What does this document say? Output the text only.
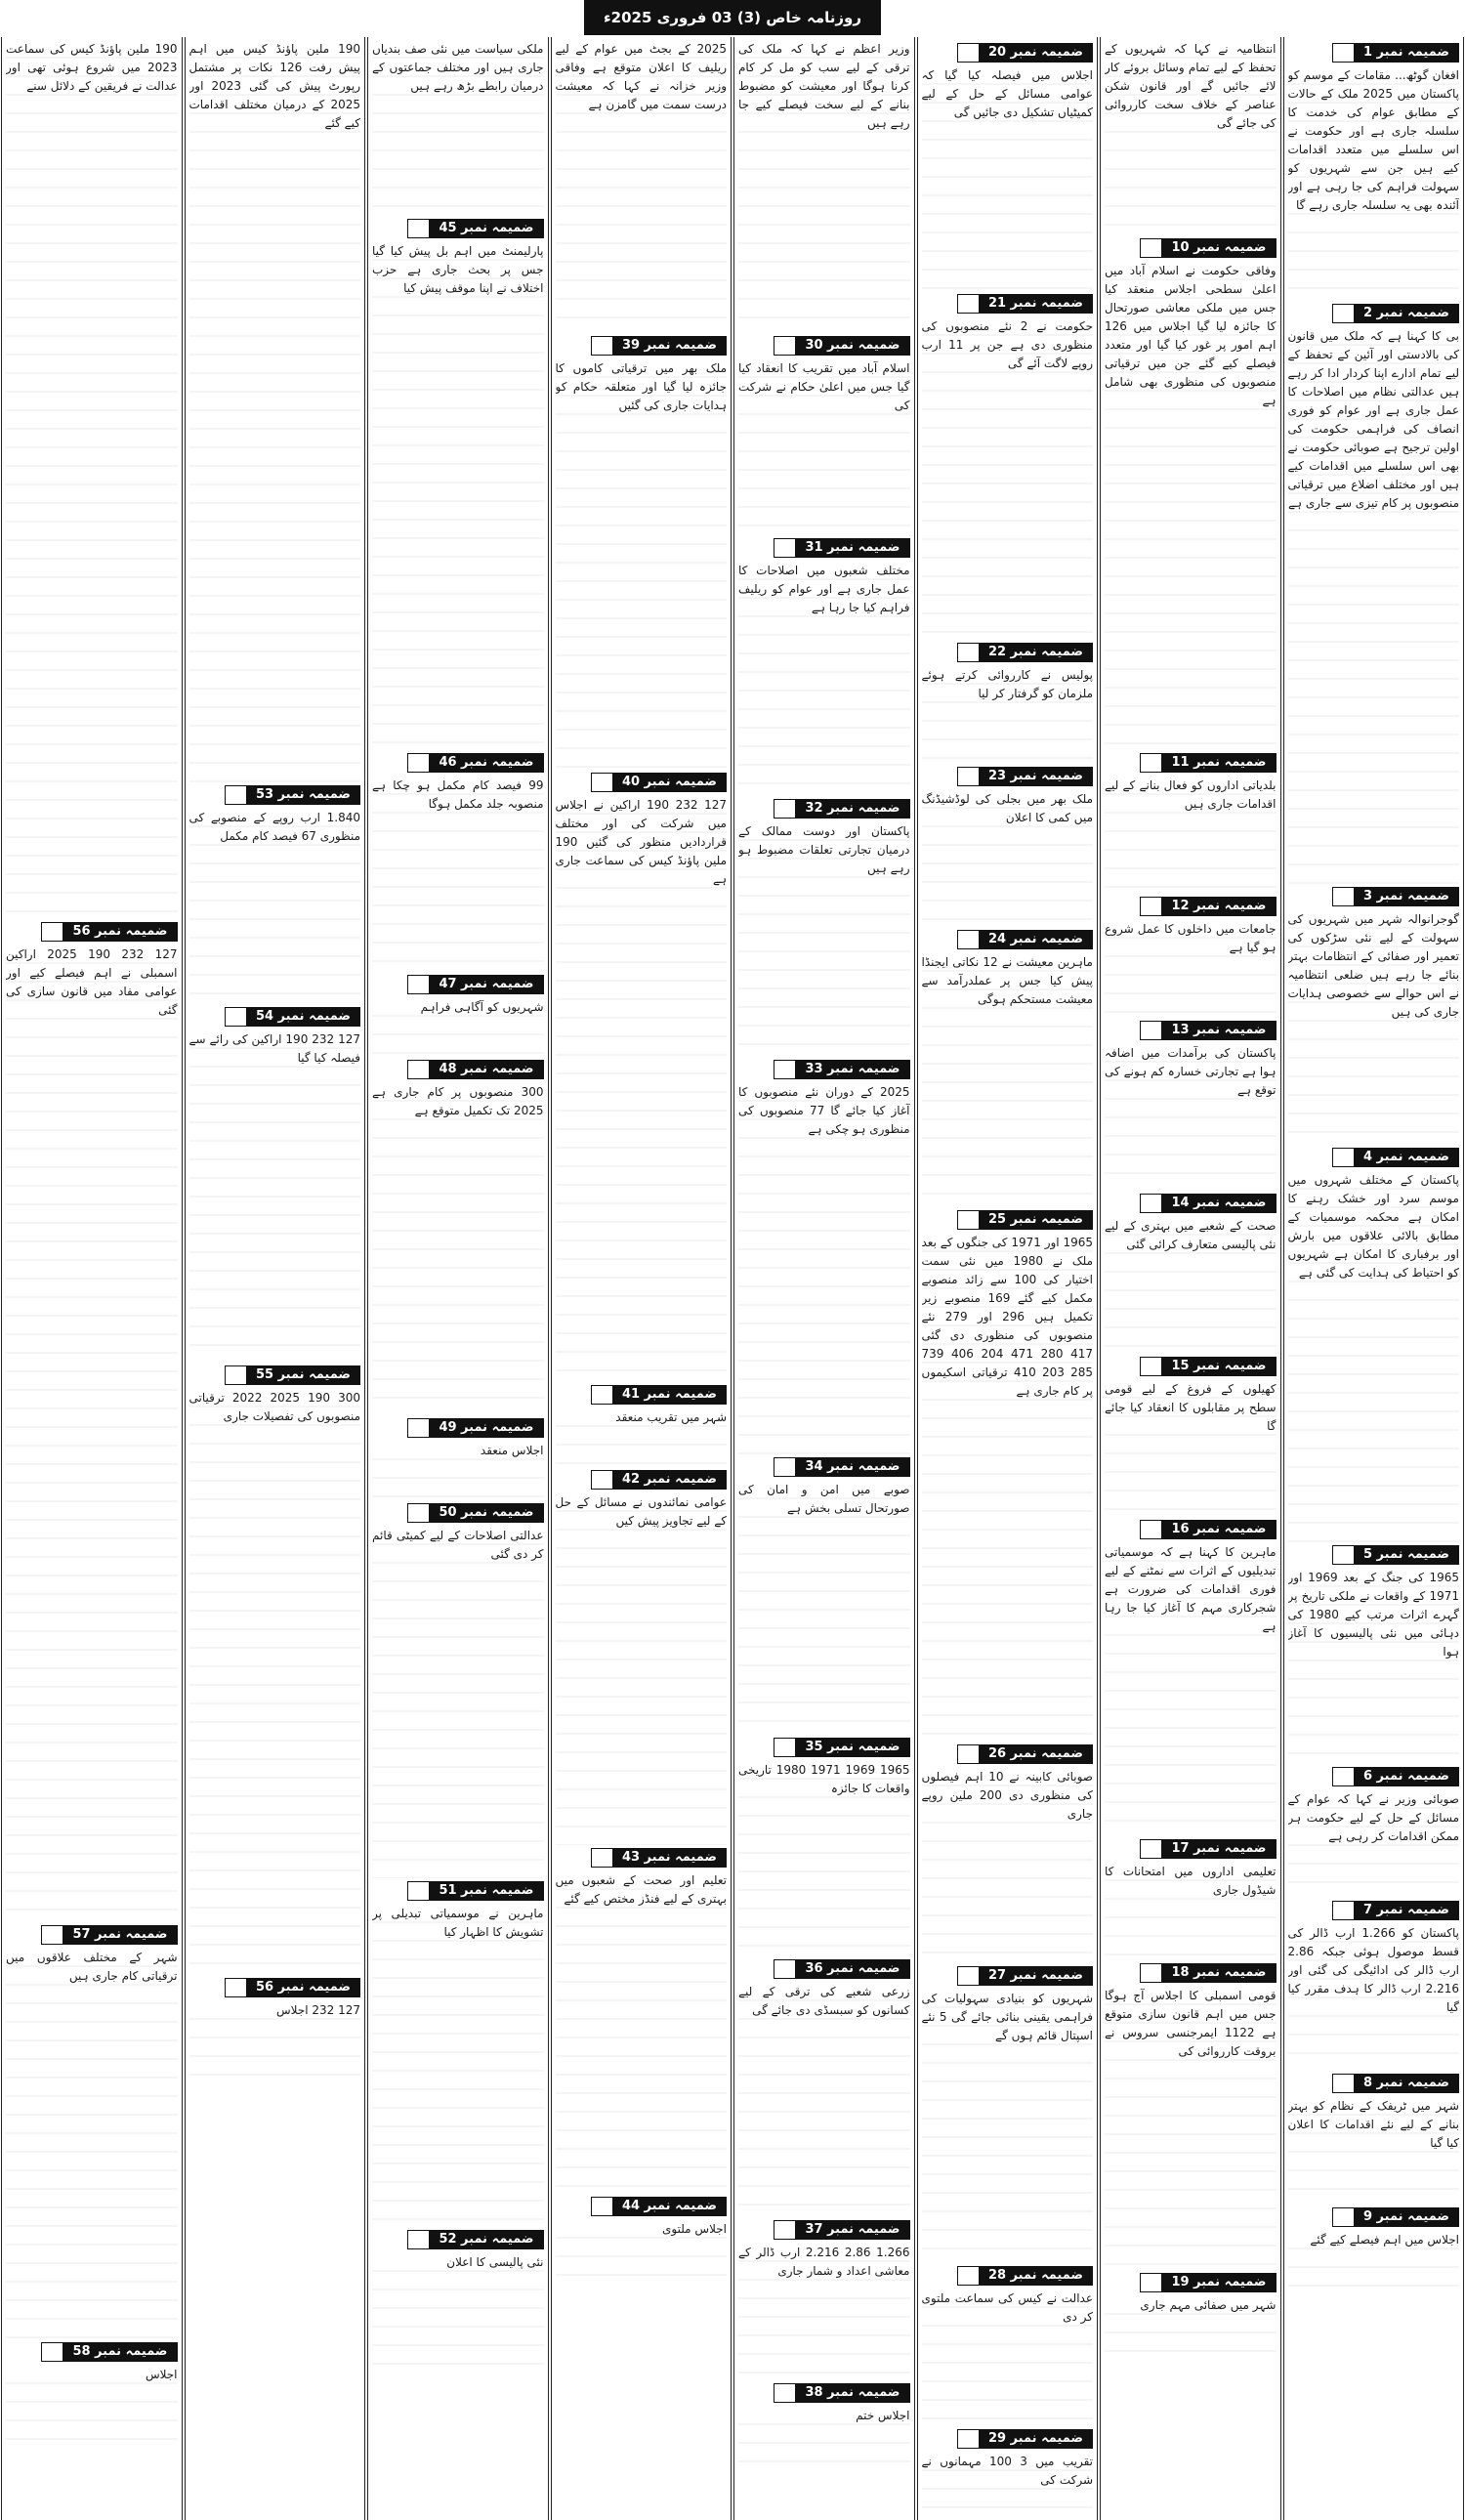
روزنامہ خاص (3) 03 فروری 2025ء
ضمیمہ نمبر 1
افغان گوٹھ... مقامات کے موسم کو پاکستان میں 2025 ملک کے حالات کے مطابق عوام کی خدمت کا سلسلہ جاری ہے اور حکومت نے اس سلسلے میں متعدد اقدامات کیے ہیں جن سے شہریوں کو سہولت فراہم کی جا رہی ہے اور آئندہ بھی یہ سلسلہ جاری رہے گا
ضمیمہ نمبر 2
بی کا کہنا ہے کہ ملک میں قانون کی بالادستی اور آئین کے تحفظ کے لیے تمام ادارے اپنا کردار ادا کر رہے ہیں عدالتی نظام میں اصلاحات کا عمل جاری ہے اور عوام کو فوری انصاف کی فراہمی حکومت کی اولین ترجیح ہے صوبائی حکومت نے بھی اس سلسلے میں اقدامات کیے ہیں اور مختلف اضلاع میں ترقیاتی منصوبوں پر کام تیزی سے جاری ہے
ضمیمہ نمبر 3
گوجرانوالہ شہر میں شہریوں کی سہولت کے لیے نئی سڑکوں کی تعمیر اور صفائی کے انتظامات بہتر بنائے جا رہے ہیں ضلعی انتظامیہ نے اس حوالے سے خصوصی ہدایات جاری کی ہیں
ضمیمہ نمبر 4
پاکستان کے مختلف شہروں میں موسم سرد اور خشک رہنے کا امکان ہے محکمہ موسمیات کے مطابق بالائی علاقوں میں بارش اور برفباری کا امکان ہے شہریوں کو احتیاط کی ہدایت کی گئی ہے
ضمیمہ نمبر 5
1965 کی جنگ کے بعد 1969 اور 1971 کے واقعات نے ملکی تاریخ پر گہرے اثرات مرتب کیے 1980 کی دہائی میں نئی پالیسیوں کا آغاز ہوا
ضمیمہ نمبر 6
صوبائی وزیر نے کہا کہ عوام کے مسائل کے حل کے لیے حکومت ہر ممکن اقدامات کر رہی ہے
ضمیمہ نمبر 7
پاکستان کو 1.266 ارب ڈالر کی قسط موصول ہوئی جبکہ 2.86 ارب ڈالر کی ادائیگی کی گئی اور 2.216 ارب ڈالر کا ہدف مقرر کیا گیا
ضمیمہ نمبر 8
شہر میں ٹریفک کے نظام کو بہتر بنانے کے لیے نئے اقدامات کا اعلان کیا گیا
ضمیمہ نمبر 9
اجلاس میں اہم فیصلے کیے گئے
انتظامیہ نے کہا کہ شہریوں کے تحفظ کے لیے تمام وسائل بروئے کار لائے جائیں گے اور قانون شکن عناصر کے خلاف سخت کارروائی کی جائے گی
ضمیمہ نمبر 10
وفاقی حکومت نے اسلام آباد میں اعلیٰ سطحی اجلاس منعقد کیا جس میں ملکی معاشی صورتحال کا جائزہ لیا گیا اجلاس میں 126 اہم امور پر غور کیا گیا اور متعدد فیصلے کیے گئے جن میں ترقیاتی منصوبوں کی منظوری بھی شامل ہے
ضمیمہ نمبر 11
بلدیاتی اداروں کو فعال بنانے کے لیے اقدامات جاری ہیں
ضمیمہ نمبر 12
جامعات میں داخلوں کا عمل شروع ہو گیا ہے
ضمیمہ نمبر 13
پاکستان کی برآمدات میں اضافہ ہوا ہے تجارتی خسارہ کم ہونے کی توقع ہے
ضمیمہ نمبر 14
صحت کے شعبے میں بہتری کے لیے نئی پالیسی متعارف کرائی گئی
ضمیمہ نمبر 15
کھیلوں کے فروغ کے لیے قومی سطح پر مقابلوں کا انعقاد کیا جائے گا
ضمیمہ نمبر 16
ماہرین کا کہنا ہے کہ موسمیاتی تبدیلیوں کے اثرات سے نمٹنے کے لیے فوری اقدامات کی ضرورت ہے شجرکاری مہم کا آغاز کیا جا رہا ہے
ضمیمہ نمبر 17
تعلیمی اداروں میں امتحانات کا شیڈول جاری
ضمیمہ نمبر 18
قومی اسمبلی کا اجلاس آج ہوگا جس میں اہم قانون سازی متوقع ہے 1122 ایمرجنسی سروس نے بروقت کارروائی کی
ضمیمہ نمبر 19
شہر میں صفائی مہم جاری
ضمیمہ نمبر 20
اجلاس میں فیصلہ کیا گیا کہ عوامی مسائل کے حل کے لیے کمیٹیاں تشکیل دی جائیں گی
ضمیمہ نمبر 21
حکومت نے 2 نئے منصوبوں کی منظوری دی ہے جن پر 11 ارب روپے لاگت آئے گی
ضمیمہ نمبر 22
پولیس نے کارروائی کرتے ہوئے ملزمان کو گرفتار کر لیا
ضمیمہ نمبر 23
ملک بھر میں بجلی کی لوڈشیڈنگ میں کمی کا اعلان
ضمیمہ نمبر 24
ماہرین معیشت نے 12 نکاتی ایجنڈا پیش کیا جس پر عملدرآمد سے معیشت مستحکم ہوگی
ضمیمہ نمبر 25
1965 اور 1971 کی جنگوں کے بعد ملک نے 1980 میں نئی سمت اختیار کی 100 سے زائد منصوبے مکمل کیے گئے 169 منصوبے زیر تکمیل ہیں 296 اور 279 نئے منصوبوں کی منظوری دی گئی 417 280 471 204 406 739 285 203 410 ترقیاتی اسکیموں پر کام جاری ہے
ضمیمہ نمبر 26
صوبائی کابینہ نے 10 اہم فیصلوں کی منظوری دی 200 ملین روپے جاری
ضمیمہ نمبر 27
شہریوں کو بنیادی سہولیات کی فراہمی یقینی بنائی جائے گی 5 نئے اسپتال قائم ہوں گے
ضمیمہ نمبر 28
عدالت نے کیس کی سماعت ملتوی کر دی
ضمیمہ نمبر 29
تقریب میں 3 100 مہمانوں نے شرکت کی
وزیر اعظم نے کہا کہ ملک کی ترقی کے لیے سب کو مل کر کام کرنا ہوگا اور معیشت کو مضبوط بنانے کے لیے سخت فیصلے کیے جا رہے ہیں
ضمیمہ نمبر 30
اسلام آباد میں تقریب کا انعقاد کیا گیا جس میں اعلیٰ حکام نے شرکت کی
ضمیمہ نمبر 31
مختلف شعبوں میں اصلاحات کا عمل جاری ہے اور عوام کو ریلیف فراہم کیا جا رہا ہے
ضمیمہ نمبر 32
پاکستان اور دوست ممالک کے درمیان تجارتی تعلقات مضبوط ہو رہے ہیں
ضمیمہ نمبر 33
2025 کے دوران نئے منصوبوں کا آغاز کیا جائے گا 77 منصوبوں کی منظوری ہو چکی ہے
ضمیمہ نمبر 34
صوبے میں امن و امان کی صورتحال تسلی بخش ہے
ضمیمہ نمبر 35
1965 1969 1971 1980 تاریخی واقعات کا جائزہ
ضمیمہ نمبر 36
زرعی شعبے کی ترقی کے لیے کسانوں کو سبسڈی دی جائے گی
ضمیمہ نمبر 37
1.266 2.86 2.216 ارب ڈالر کے معاشی اعداد و شمار جاری
ضمیمہ نمبر 38
اجلاس ختم
2025 کے بجٹ میں عوام کے لیے ریلیف کا اعلان متوقع ہے وفاقی وزیر خزانہ نے کہا کہ معیشت درست سمت میں گامزن ہے
ضمیمہ نمبر 39
ملک بھر میں ترقیاتی کاموں کا جائزہ لیا گیا اور متعلقہ حکام کو ہدایات جاری کی گئیں
ضمیمہ نمبر 40
127 232 190 اراکین نے اجلاس میں شرکت کی اور مختلف قراردادیں منظور کی گئیں 190 ملین پاؤنڈ کیس کی سماعت جاری ہے
ضمیمہ نمبر 41
شہر میں تقریب منعقد
ضمیمہ نمبر 42
عوامی نمائندوں نے مسائل کے حل کے لیے تجاویز پیش کیں
ضمیمہ نمبر 43
تعلیم اور صحت کے شعبوں میں بہتری کے لیے فنڈز مختص کیے گئے
ضمیمہ نمبر 44
اجلاس ملتوی
ملکی سیاست میں نئی صف بندیاں جاری ہیں اور مختلف جماعتوں کے درمیان رابطے بڑھ رہے ہیں
ضمیمہ نمبر 45
پارلیمنٹ میں اہم بل پیش کیا گیا جس پر بحث جاری ہے حزب اختلاف نے اپنا موقف پیش کیا
ضمیمہ نمبر 46
99 فیصد کام مکمل ہو چکا ہے منصوبہ جلد مکمل ہوگا
ضمیمہ نمبر 47
شہریوں کو آگاہی فراہم
ضمیمہ نمبر 48
300 منصوبوں پر کام جاری ہے 2025 تک تکمیل متوقع ہے
ضمیمہ نمبر 49
اجلاس منعقد
ضمیمہ نمبر 50
عدالتی اصلاحات کے لیے کمیٹی قائم کر دی گئی
ضمیمہ نمبر 51
ماہرین نے موسمیاتی تبدیلی پر تشویش کا اظہار کیا
ضمیمہ نمبر 52
نئی پالیسی کا اعلان
190 ملین پاؤنڈ کیس میں اہم پیش رفت 126 نکات پر مشتمل رپورٹ پیش کی گئی 2023 اور 2025 کے درمیان مختلف اقدامات کیے گئے
ضمیمہ نمبر 53
1.840 ارب روپے کے منصوبے کی منظوری 67 فیصد کام مکمل
ضمیمہ نمبر 54
127 232 190 اراکین کی رائے سے فیصلہ کیا گیا
ضمیمہ نمبر 55
300 190 2025 2022 ترقیاتی منصوبوں کی تفصیلات جاری
ضمیمہ نمبر 56
127 232 اجلاس
190 ملین پاؤنڈ کیس کی سماعت 2023 میں شروع ہوئی تھی اور عدالت نے فریقین کے دلائل سنے
ضمیمہ نمبر 56
127 232 190 2025 اراکین اسمبلی نے اہم فیصلے کیے اور عوامی مفاد میں قانون سازی کی گئی
ضمیمہ نمبر 57
شہر کے مختلف علاقوں میں ترقیاتی کام جاری ہیں
ضمیمہ نمبر 58
اجلاس
